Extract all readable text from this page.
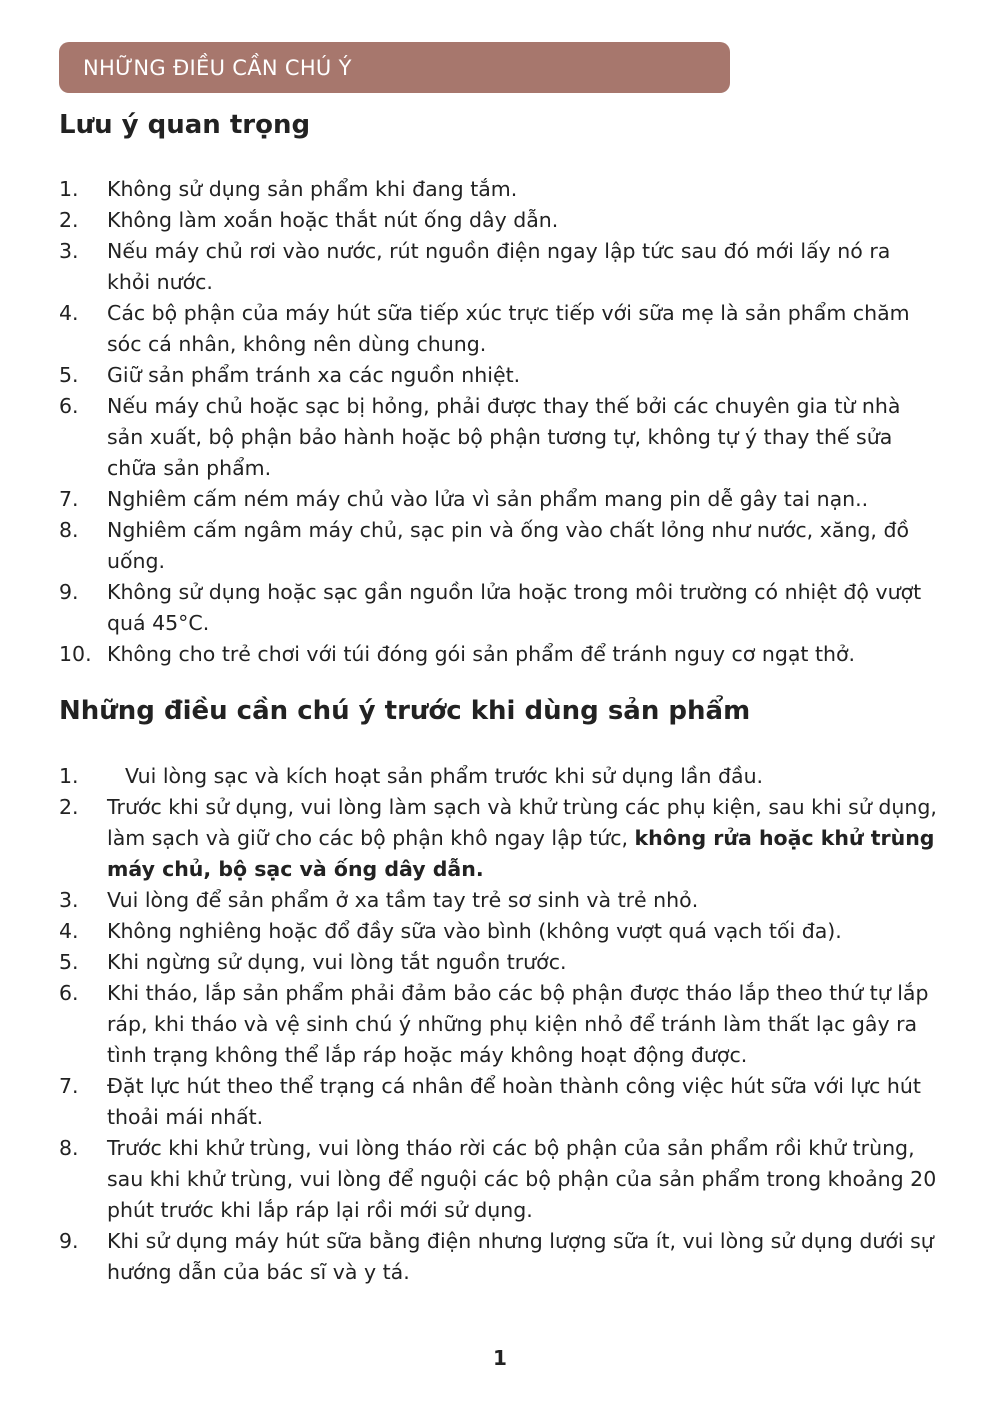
NHỮNG ĐIỀU CẦN CHÚ Ý
Lưu ý quan trọng
1.	Không sử dụng sản phẩm khi đang tắm.
2.	Không làm xoắn hoặc thắt nút ống dây dẫn.
3.	Nếu máy chủ rơi vào nước, rút nguồn điện ngay lập tức sau đó mới lấy nó ra khỏi nước.
4.	Các bộ phận của máy hút sữa tiếp xúc trực tiếp với sữa mẹ là sản phẩm chăm sóc cá nhân, không nên dùng chung.
5.	Giữ sản phẩm tránh xa các nguồn nhiệt.
6.	Nếu máy chủ hoặc sạc bị hỏng, phải được thay thế bởi các chuyên gia từ nhà sản xuất, bộ phận bảo hành hoặc bộ phận tương tự, không tự ý thay thế sửa chữa sản phẩm.
7.	Nghiêm cấm ném máy chủ vào lửa vì sản phẩm mang pin dễ gây tai nạn..
8.	Nghiêm cấm ngâm máy chủ, sạc pin và ống vào chất lỏng như nước, xăng, đồ uống.
9.	Không sử dụng hoặc sạc gần nguồn lửa hoặc trong môi trường có nhiệt độ vượt quá 45°C.
10. Không cho trẻ chơi với túi đóng gói sản phẩm để tránh nguy cơ ngạt thở.
Những điều cần chú ý trước khi dùng sản phẩm
1.	Vui lòng sạc và kích hoạt sản phẩm trước khi sử dụng lần đầu.
2.	Trước khi sử dụng, vui lòng làm sạch và khử trùng các phụ kiện, sau khi sử dụng, làm sạch và giữ cho các bộ phận khô ngay lập tức, không rửa hoặc khử trùng máy chủ, bộ sạc và ống dây dẫn.
3.	Vui lòng để sản phẩm ở xa tầm tay trẻ sơ sinh và trẻ nhỏ.
4.	Không nghiêng hoặc đổ đầy sữa vào bình (không vượt quá vạch tối đa).
5.	Khi ngừng sử dụng, vui lòng tắt nguồn trước.
6.	Khi tháo, lắp sản phẩm phải đảm bảo các bộ phận được tháo lắp theo thứ tự lắp ráp, khi tháo và vệ sinh chú ý những phụ kiện nhỏ để tránh làm thất lạc gây ra tình trạng không thể lắp ráp hoặc máy không hoạt động được.
7.	Đặt lực hút theo thể trạng cá nhân để hoàn thành công việc hút sữa với lực hút thoải mái nhất.
8.	Trước khi khử trùng, vui lòng tháo rời các bộ phận của sản phẩm rồi khử trùng, sau khi khử trùng, vui lòng để nguội các bộ phận của sản phẩm trong khoảng 20 phút trước khi lắp ráp lại rồi mới sử dụng.
9.	Khi sử dụng máy hút sữa bằng điện nhưng lượng sữa ít, vui lòng sử dụng dưới sự hướng dẫn của bác sĩ và y tá.
1
